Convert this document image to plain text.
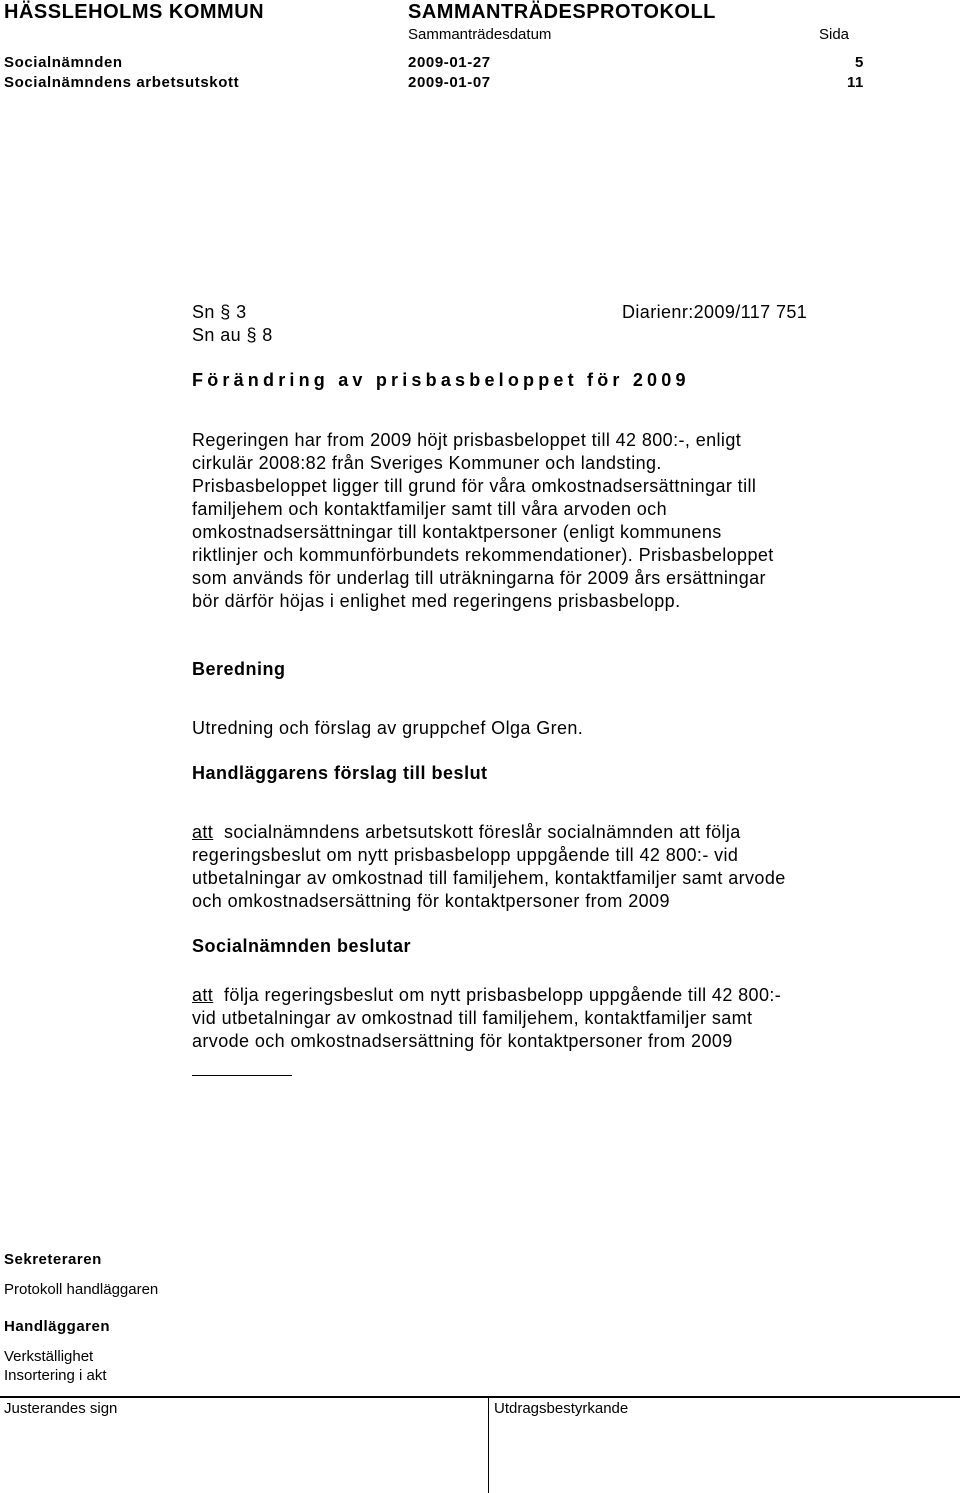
HÄSSLEHOLMS KOMMUN	SAMMANTRÄDESPROTOKOLL
Sammanträdesdatum	Sida
Socialnämnden	2009-01-27	5
Socialnämndens arbetsutskott	2009-01-07	11
Sn § 3
Sn au § 8
Diarienr:2009/117 751
Förändring av prisbasbeloppet för 2009

Regeringen har from 2009 höjt prisbasbeloppet till 42 800:-, enligt

cirkulär 2008:82 från Sveriges Kommuner och landsting.

Prisbasbeloppet ligger till grund för våra omkostnadsersättningar till

familjehem och kontaktfamiljer samt till våra arvoden och

omkostnadsersättningar till kontaktpersoner (enligt kommunens

riktlinjer och kommunförbundets rekommendationer). Prisbasbeloppet

som används för underlag till uträkningarna för 2009 års ersättningar

bör därför höjas i enlighet med regeringens prisbasbelopp.

Beredning
Utredning och förslag av gruppchef Olga Gren.
Handläggarens förslag till beslut

att socialnämndens arbetsutskott föreslår socialnämnden att följa

regeringsbeslut om nytt prisbasbelopp uppgående till 42 800:- vid

utbetalningar av omkostnad till familjehem, kontaktfamiljer samt arvode

och omkostnadsersättning för kontaktpersoner from 2009

Socialnämnden beslutar

att följa regeringsbeslut om nytt prisbasbelopp uppgående till 42 800:-

vid utbetalningar av omkostnad till familjehem, kontaktfamiljer samt

arvode och omkostnadsersättning för kontaktpersoner from 2009

Sekreteraren
Protokoll handläggaren
Handläggaren
Verkställighet
Insortering i akt
Justerandes sign	Utdragsbestyrkande
